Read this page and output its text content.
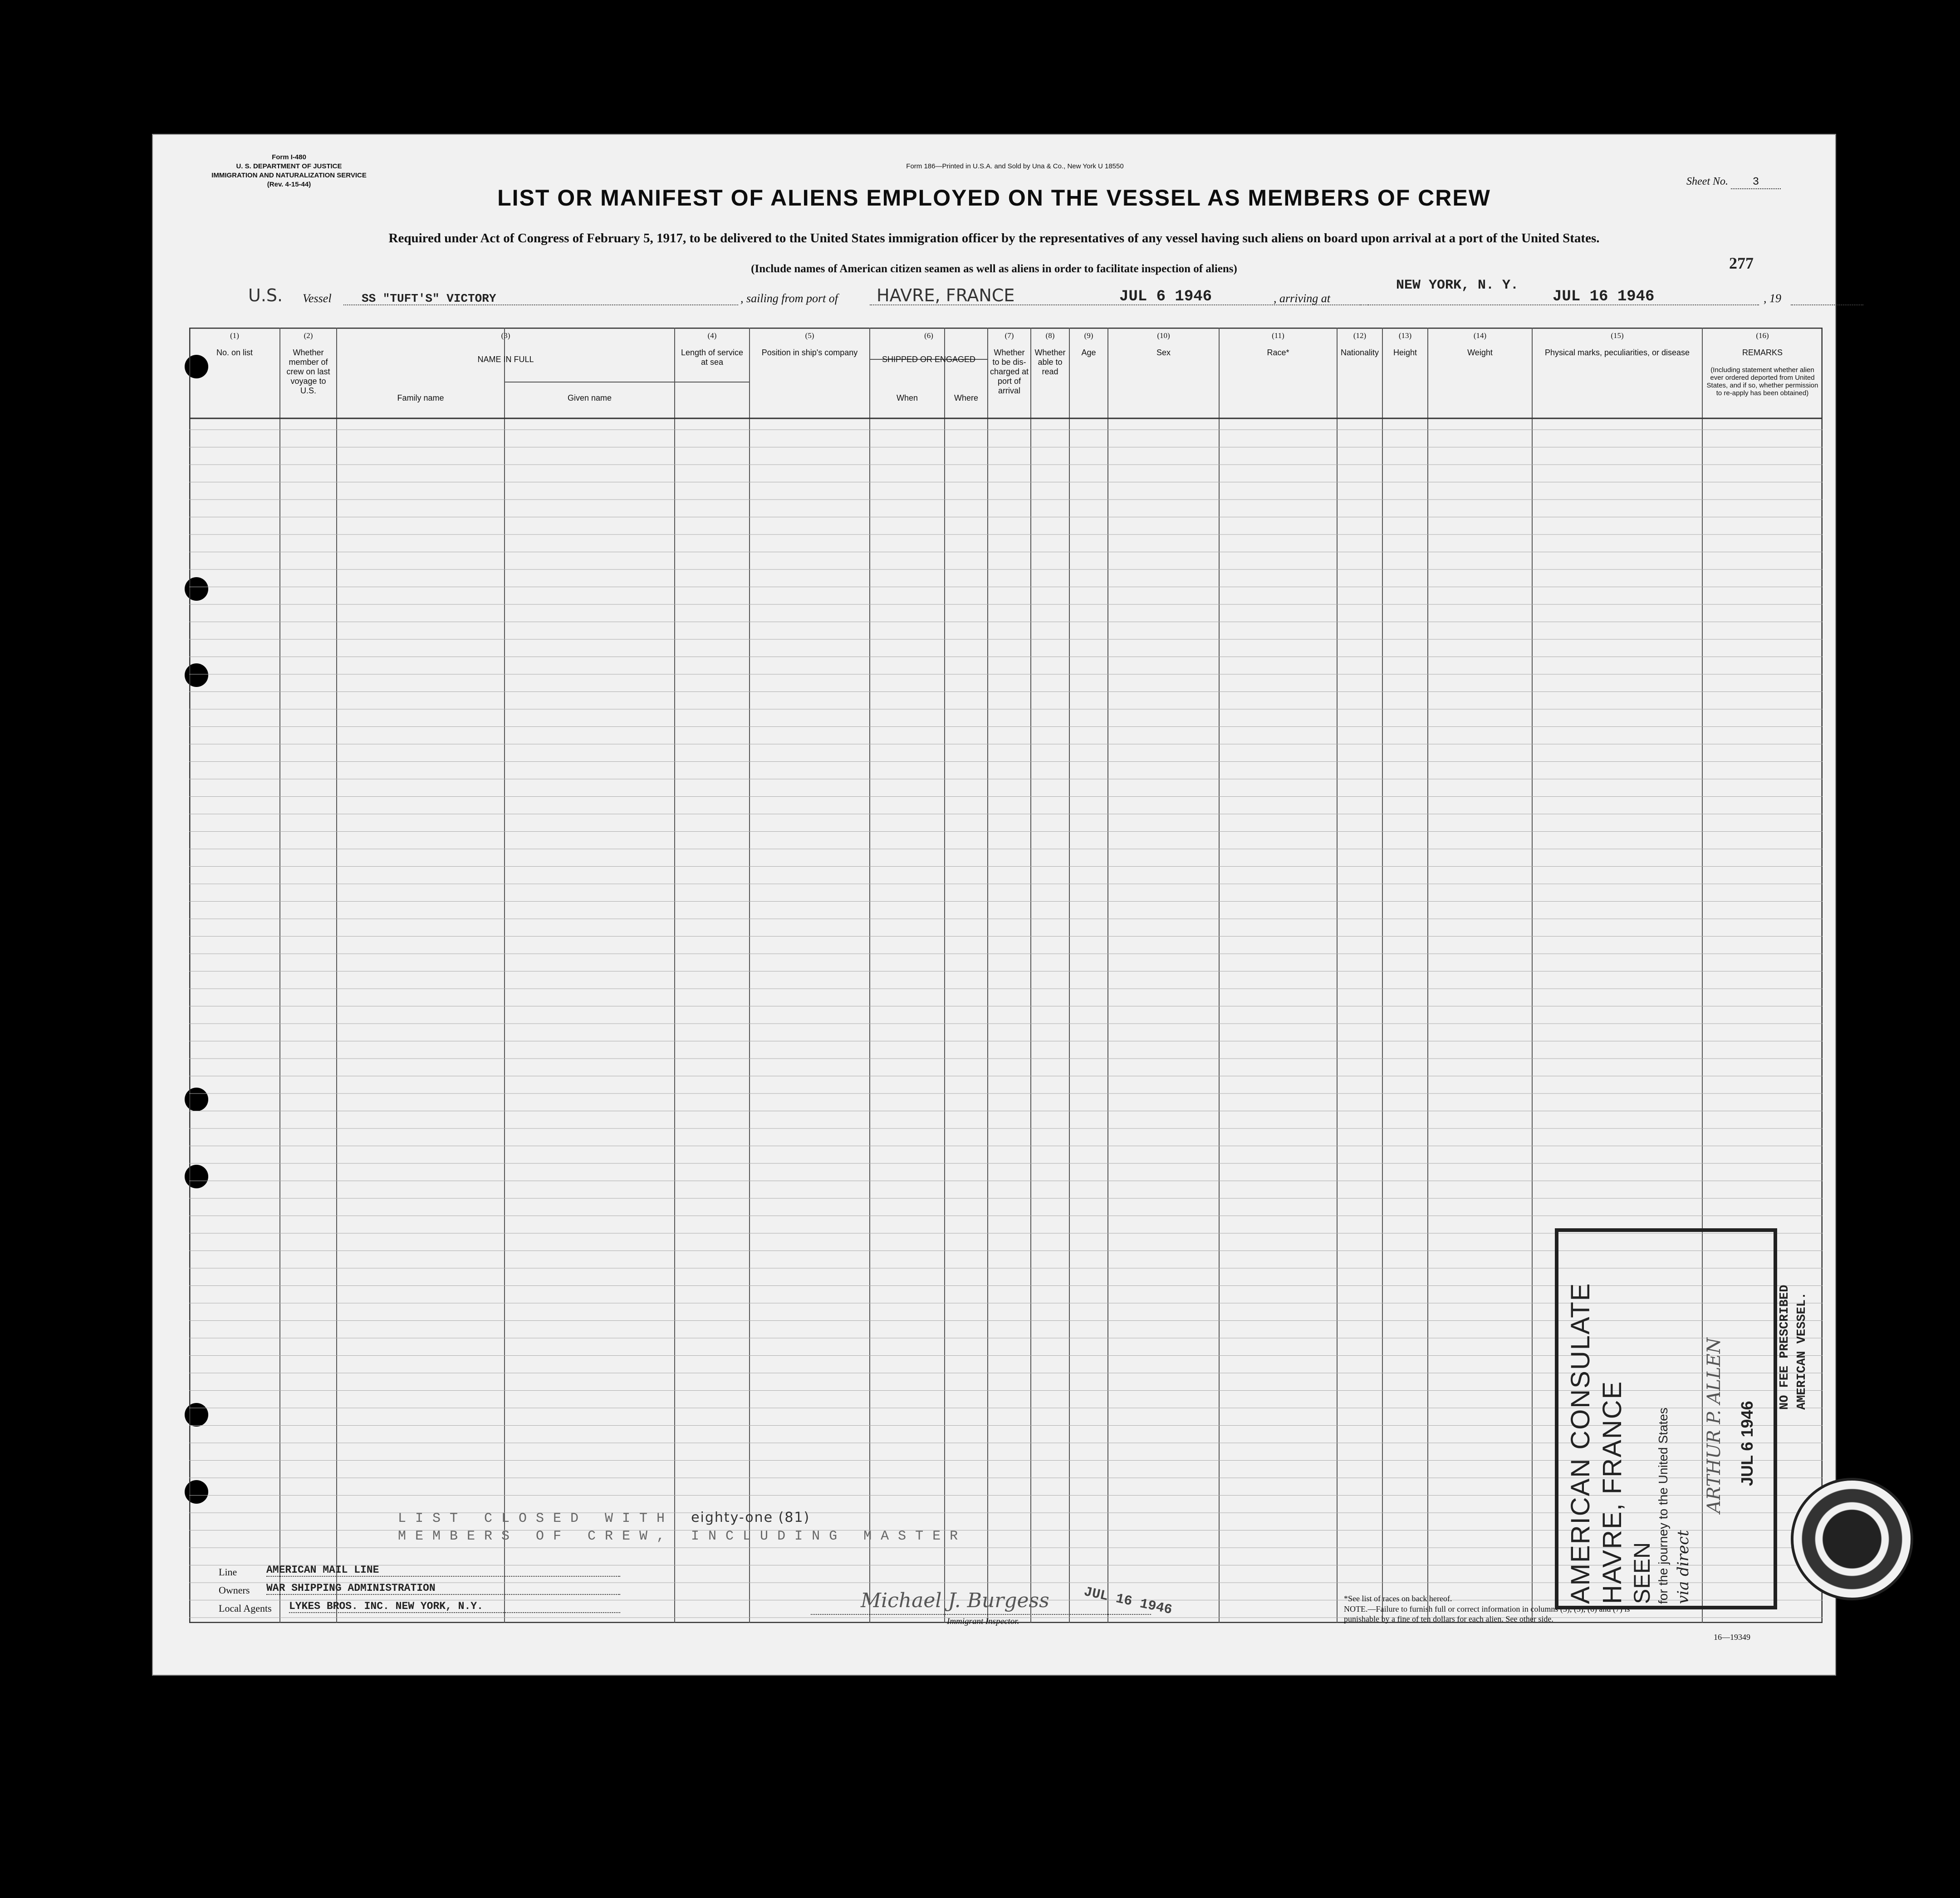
Form I-480
U. S. DEPARTMENT OF JUSTICE
IMMIGRATION AND NATURALIZATION SERVICE
(Rev. 4-15-44)
Form 186—Printed in U.S.A. and Sold by Una & Co., New York U 18550
Sheet No. 3
LIST OR MANIFEST OF ALIENS EMPLOYED ON THE VESSEL AS MEMBERS OF CREW
Required under Act of Congress of February 5, 1917, to be delivered to the United States immigration officer by the representatives of any vessel having such aliens on board upon arrival at a port of the United States.
(Include names of American citizen seamen as well as aliens in order to facilitate inspection of aliens)	277
U.S. Vessel	SS "TUFT'S" VICTORY	, sailing from port of HAVRE, FRANCE	JUL 6 1946	, arriving at
NEW YORK, N. Y.
JUL 16 1946	, 19
(1)
No. on list
(2)
Whether member of crew on last voyage to U.S.
(3)
NAME IN FULL
Family name	Given name
(4)
Length of service at sea
(5)
Position in ship's company
(6)
SHIPPED OR ENGAGED
When	Where
(7)
Whether to be dis-charged at port of arrival
(8)
Whether able to read
(9)
Age
(10)
Sex
(11)
Race*
(12)
Nationality
(13)
Height
(14)
Weight
(15)
Physical marks, peculiarities, or disease
(16)
REMARKS
(Including statement whether alien ever ordered deported from United States, and if so, whether permission to re-apply has been obtained)
LIST CLOSED WITH eighty-one (81)
MEMBERS OF CREW, INCLUDING MASTER
Line	AMERICAN MAIL LINE
Owners WAR SHIPPING ADMINISTRATION
Local Agents LYKES BROS. INC. NEW YORK, N.Y.	Michael J. Burgess JUL 16 1946
Immigrant Inspector.
*See list of races on back hereof.
NOTE.—Failure to furnish full or correct information in columns (3), (5), (6) and (7) is punishable by a fine of ten dollars for each alien. See other side.
16—19349
AMERICAN CONSULATE HAVRE, FRANCE SEEN for the journey to the United States via direct
ARTHUR P. ALLEN JUL 6 1946
NO FEE PRESCRIBED AMERICAN VESSEL.
